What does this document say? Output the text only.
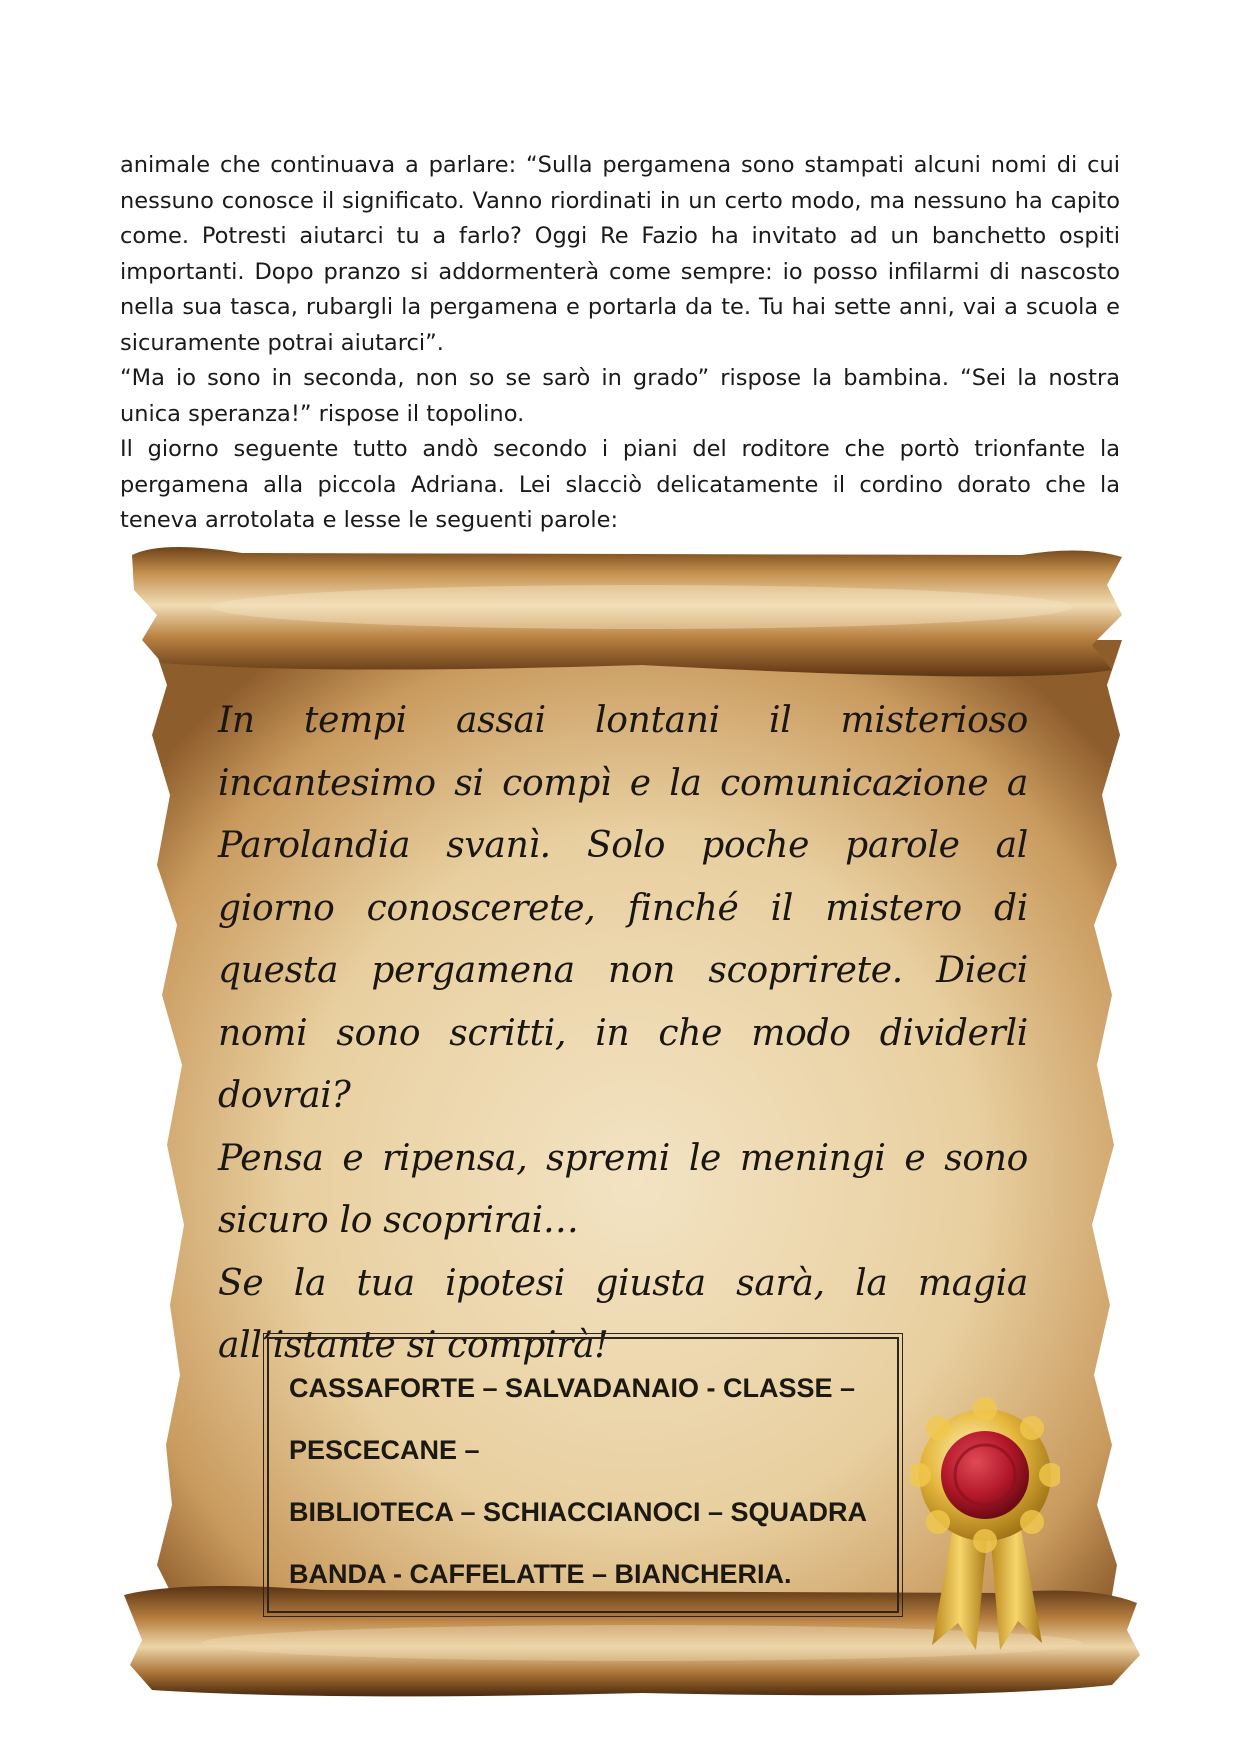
animale che continuava a parlare: “Sulla pergamena sono stampati alcuni nomi di cui nessuno conosce il significato. Vanno riordinati in un certo modo, ma nessuno ha capito come. Potresti aiutarci tu a farlo? Oggi Re Fazio ha invitato ad un banchetto ospiti importanti. Dopo pranzo si addormenterà come sempre: io posso infilarmi di nascosto nella sua tasca, rubargli la pergamena e portarla da te. Tu hai sette anni, vai a scuola e sicuramente potrai aiutarci”.

“Ma io sono in seconda, non so se sarò in grado” rispose la bambina. “Sei la nostra unica speranza!” rispose il topolino.

Il giorno seguente tutto andò secondo i piani del roditore che portò trionfante la pergamena alla piccola Adriana. Lei slacciò delicatamente il cordino dorato che la teneva arrotolata e lesse le seguenti parole:

In tempi assai lontani il misterioso incantesimo si compì e la comunicazione a Parolandia svanì. Solo poche parole al giorno conoscerete, finché il mistero di questa pergamena non scoprirete. Dieci nomi sono scritti, in che modo dividerli dovrai?

Pensa e ripensa, spremi le meningi e sono sicuro lo scoprirai…

Se la tua ipotesi giusta sarà, la magia all’istante si compirà!

CASSAFORTE – SALVADANAIO - CLASSE –

PESCECANE –

BIBLIOTECA – SCHIACCIANOCI – SQUADRA

BANDA - CAFFELATTE – BIANCHERIA.
